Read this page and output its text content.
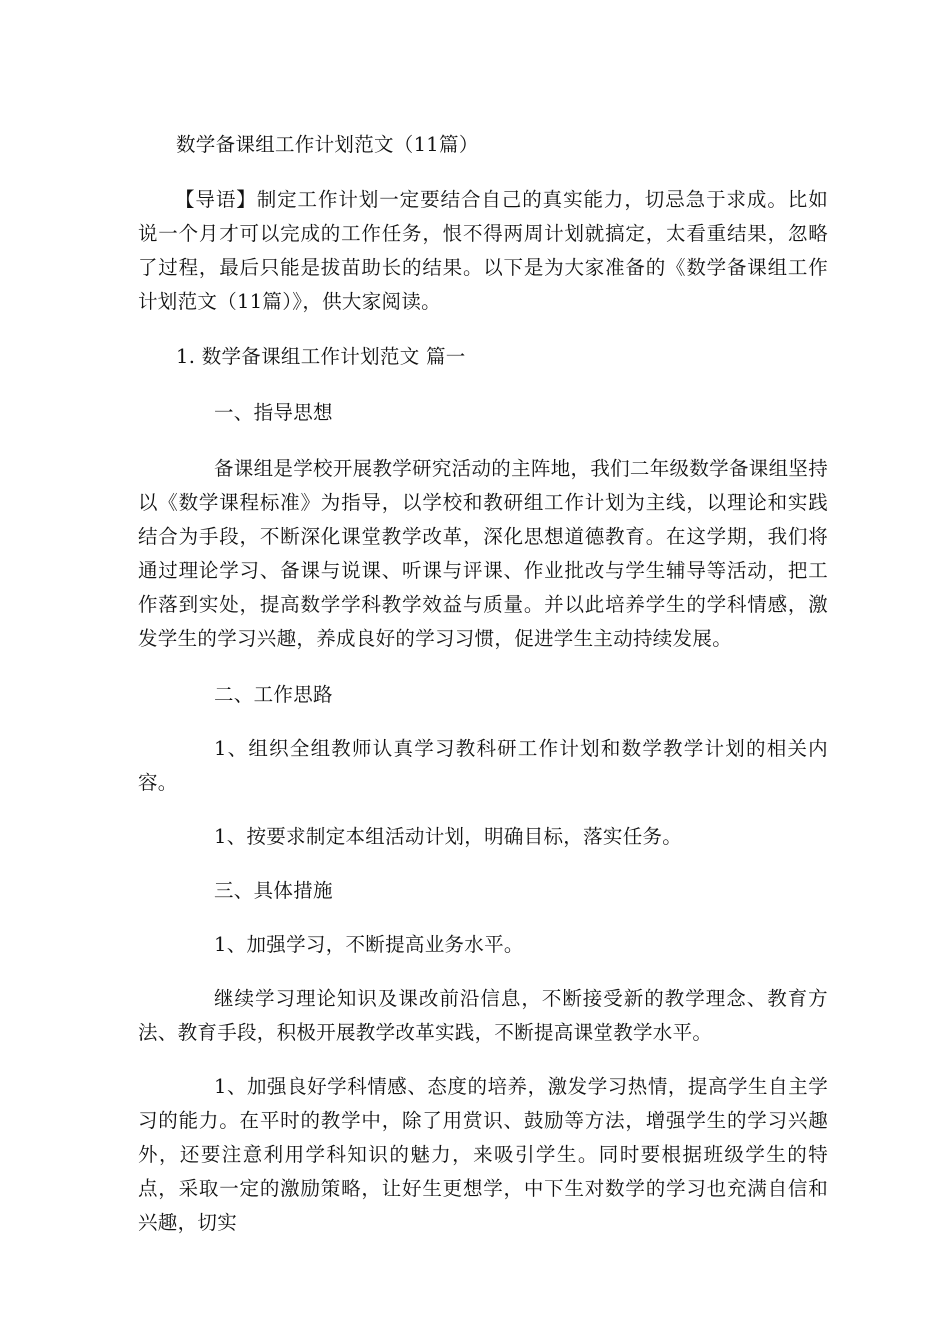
数学备课组工作计划范文（11篇）

【导语】制定工作计划一定要结合自己的真实能力，切忌急于求成。比如说一个月才可以完成的工作任务，恨不得两周计划就搞定，太看重结果，忽略了过程，最后只能是拔苗助长的结果。以下是为大家准备的《数学备课组工作计划范文（11篇）》，供大家阅读。

1. 数学备课组工作计划范文 篇一

一、指导思想

备课组是学校开展教学研究活动的主阵地，我们二年级数学备课组坚持以《数学课程标准》为指导，以学校和教研组工作计划为主线，以理论和实践结合为手段，不断深化课堂教学改革，深化思想道德教育。在这学期，我们将通过理论学习、备课与说课、听课与评课、作业批改与学生辅导等活动，把工作落到实处，提高数学学科教学效益与质量。并以此培养学生的学科情感，激发学生的学习兴趣，养成良好的学习习惯，促进学生主动持续发展。

二、工作思路

1、组织全组教师认真学习教科研工作计划和数学教学计划的相关内容。

1、按要求制定本组活动计划，明确目标，落实任务。

三、具体措施

1、加强学习，不断提高业务水平。

继续学习理论知识及课改前沿信息，不断接受新的教学理念、教育方法、教育手段，积极开展教学改革实践，不断提高课堂教学水平。

1、加强良好学科情感、态度的培养，激发学习热情，提高学生自主学习的能力。在平时的教学中，除了用赏识、鼓励等方法，增强学生的学习兴趣外，还要注意利用学科知识的魅力，来吸引学生。同时要根据班级学生的特点，采取一定的激励策略，让好生更想学，中下生对数学的学习也充满自信和兴趣，切实
